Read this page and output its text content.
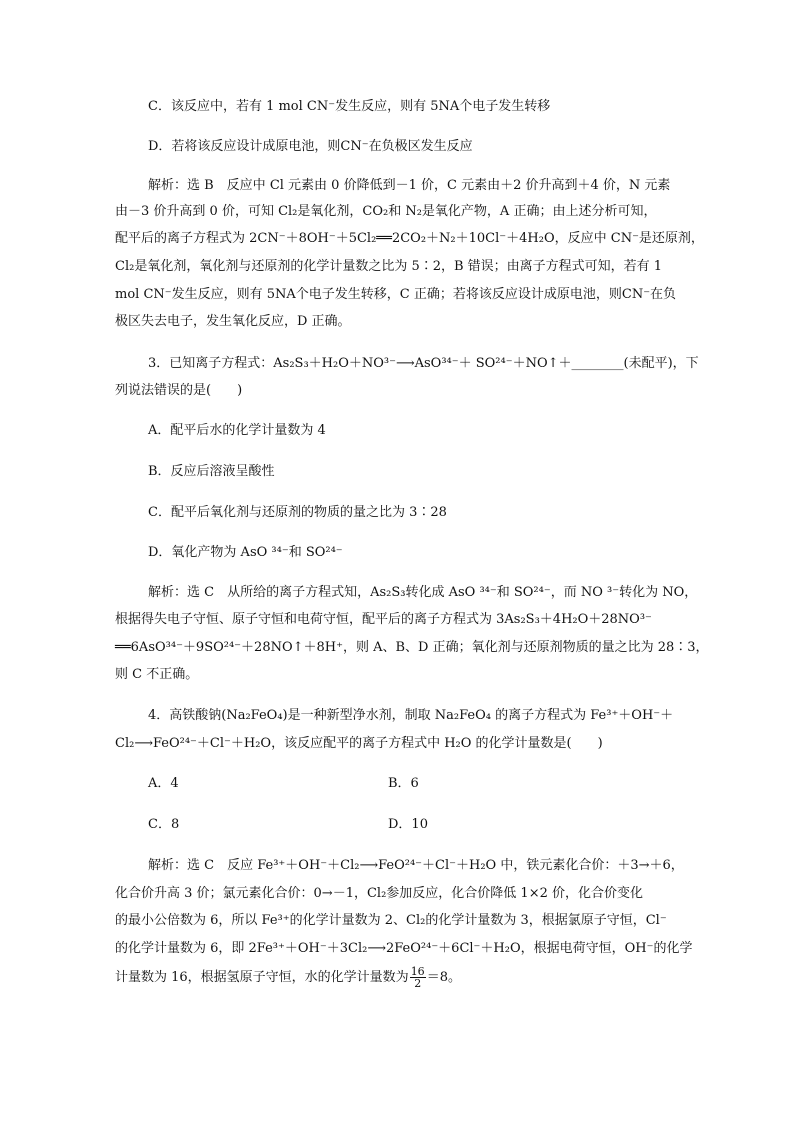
C．该反应中，若有 1 mol CN⁻发生反应，则有 5NA个电子发生转移
D．若将该反应设计成原电池，则CN⁻在负极区发生反应
解析：选 B　反应中 Cl 元素由 0 价降低到－1 价，C 元素由＋2 价升高到＋4 价，N 元素
由－3 价升高到 0 价，可知 Cl₂是氧化剂，CO₂和 N₂是氧化产物，A 正确；由上述分析可知，
配平后的离子方程式为 2CN⁻＋8OH⁻＋5Cl₂══2CO₂＋N₂＋10Cl⁻＋4H₂O，反应中 CN⁻是还原剂，
Cl₂是氧化剂，氧化剂与还原剂的化学计量数之比为 5∶2，B 错误；由离子方程式可知，若有 1
mol CN⁻发生反应，则有 5NA个电子发生转移，C 正确；若将该反应设计成原电池，则CN⁻在负
极区失去电子，发生氧化反应，D 正确。
3．已知离子方程式：As₂S₃＋H₂O＋NO³⁻⟶AsO³⁴⁻＋ SO²⁴⁻＋NO↑＋________(未配平)，下
列说法错误的是(　　)
A．配平后水的化学计量数为 4
B．反应后溶液呈酸性
C．配平后氧化剂与还原剂的物质的量之比为 3∶28
D．氧化产物为 AsO ³⁴⁻和 SO²⁴⁻
解析：选 C　从所给的离子方程式知，As₂S₃转化成 AsO ³⁴⁻和 SO²⁴⁻，而 NO ³⁻转化为 NO，
根据得失电子守恒、原子守恒和电荷守恒，配平后的离子方程式为 3As₂S₃＋4H₂O＋28NO³⁻
══6AsO³⁴⁻＋9SO²⁴⁻＋28NO↑＋8H⁺，则 A、B、D 正确；氧化剂与还原剂物质的量之比为 28∶3，
则 C 不正确。
4．高铁酸钠(Na₂FeO₄)是一种新型净水剂，制取 Na₂FeO₄ 的离子方程式为 Fe³⁺＋OH⁻＋
Cl₂⟶FeO²⁴⁻＋Cl⁻＋H₂O，该反应配平的离子方程式中 H₂O 的化学计量数是(　　)
A．4	B．6
C．8	D．10
解析：选 C　反应 Fe³⁺＋OH⁻＋Cl₂⟶FeO²⁴⁻＋Cl⁻＋H₂O 中，铁元素化合价：＋3→＋6，
化合价升高 3 价；氯元素化合价：0→－1，Cl₂参加反应，化合价降低 1×2 价，化合价变化
的最小公倍数为 6，所以 Fe³⁺的化学计量数为 2、Cl₂的化学计量数为 3，根据氯原子守恒，Cl⁻
的化学计量数为 6，即 2Fe³⁺＋OH⁻＋3Cl₂⟶2FeO²⁴⁻＋6Cl⁻＋H₂O，根据电荷守恒，OH⁻的化学
计量数为 16，根据氢原子守恒，水的化学计量数为 $\frac{16}{2} =8$。
